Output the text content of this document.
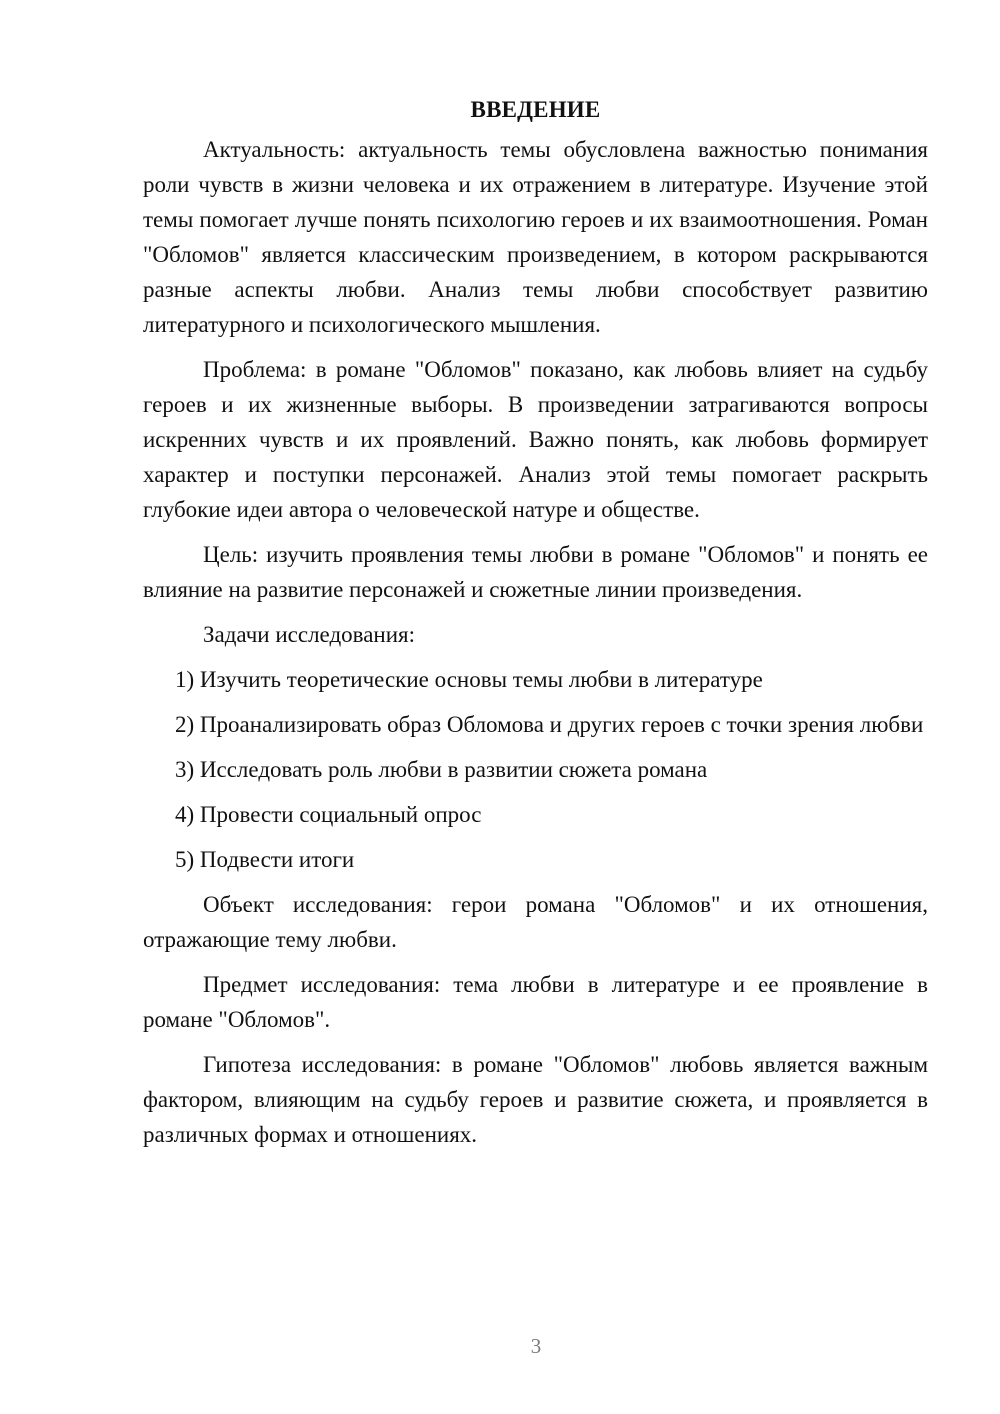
ВВЕДЕНИЕ

Актуальность: актуальность темы обусловлена важностью понимания роли чувств в жизни человека и их отражением в литературе. Изучение этой темы помогает лучше понять психологию героев и их взаимоотношения. Роман "Обломов" является классическим произведением, в котором раскрываются разные аспекты любви. Анализ темы любви способствует развитию литературного и психологического мышления.

Проблема: в романе "Обломов" показано, как любовь влияет на судьбу героев и их жизненные выборы. В произведении затрагиваются вопросы искренних чувств и их проявлений. Важно понять, как любовь формирует характер и поступки персонажей. Анализ этой темы помогает раскрыть глубокие идеи автора о человеческой натуре и обществе.

Цель: изучить проявления темы любви в романе "Обломов" и понять ее влияние на развитие персонажей и сюжетные линии произведения.

Задачи исследования:

1) Изучить теоретические основы темы любви в литературе

2) Проанализировать образ Обломова и других героев с точки зрения любви

3) Исследовать роль любви в развитии сюжета романа

4) Провести социальный опрос

5) Подвести итоги

Объект исследования: герои романа "Обломов" и их отношения, отражающие тему любви.

Предмет исследования: тема любви в литературе и ее проявление в романе "Обломов".

Гипотеза исследования: в романе "Обломов" любовь является важным фактором, влияющим на судьбу героев и развитие сюжета, и проявляется в различных формах и отношениях.

3
